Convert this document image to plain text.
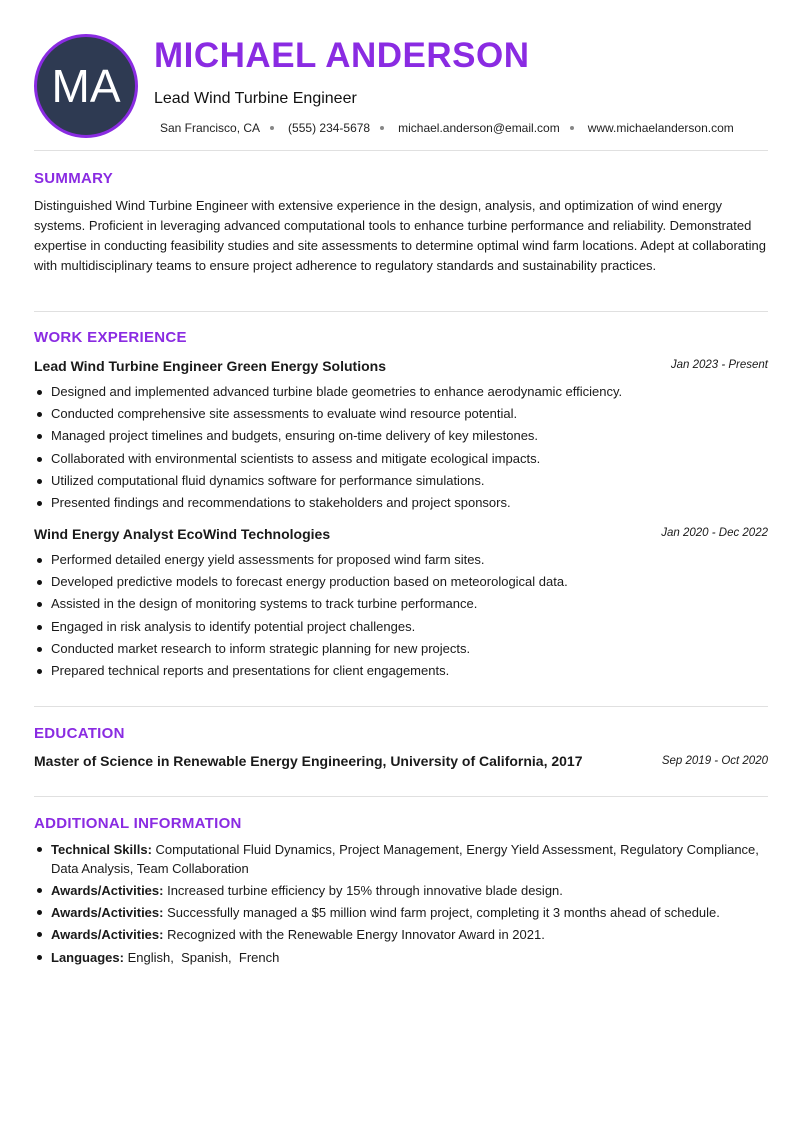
MA
MICHAEL ANDERSON
Lead Wind Turbine Engineer
San Francisco, CA (555) 234-5678 michael.anderson@email.com www.michaelanderson.com
SUMMARY
Distinguished Wind Turbine Engineer with extensive experience in the design, analysis, and optimization of wind energy systems. Proficient in leveraging advanced computational tools to enhance turbine performance and reliability. Demonstrated expertise in conducting feasibility studies and site assessments to determine optimal wind farm locations. Adept at collaborating with multidisciplinary teams to ensure project adherence to regulatory standards and sustainability practices.
WORK EXPERIENCE
Lead Wind Turbine Engineer Green Energy Solutions	Jan 2023 - Present
Designed and implemented advanced turbine blade geometries to enhance aerodynamic efficiency.
Conducted comprehensive site assessments to evaluate wind resource potential.
Managed project timelines and budgets, ensuring on-time delivery of key milestones.
Collaborated with environmental scientists to assess and mitigate ecological impacts.
Utilized computational fluid dynamics software for performance simulations.
Presented findings and recommendations to stakeholders and project sponsors.
Wind Energy Analyst EcoWind Technologies	Jan 2020 - Dec 2022
Performed detailed energy yield assessments for proposed wind farm sites.
Developed predictive models to forecast energy production based on meteorological data.
Assisted in the design of monitoring systems to track turbine performance.
Engaged in risk analysis to identify potential project challenges.
Conducted market research to inform strategic planning for new projects.
Prepared technical reports and presentations for client engagements.
EDUCATION
Master of Science in Renewable Energy Engineering, University of California, 2017	Sep 2019 - Oct 2020
ADDITIONAL INFORMATION
Technical Skills: Computational Fluid Dynamics, Project Management, Energy Yield Assessment, Regulatory Compliance, Data Analysis, Team Collaboration
Awards/Activities: Increased turbine efficiency by 15% through innovative blade design.
Awards/Activities: Successfully managed a $5 million wind farm project, completing it 3 months ahead of schedule.
Awards/Activities: Recognized with the Renewable Energy Innovator Award in 2021.
Languages: English,  Spanish,  French
